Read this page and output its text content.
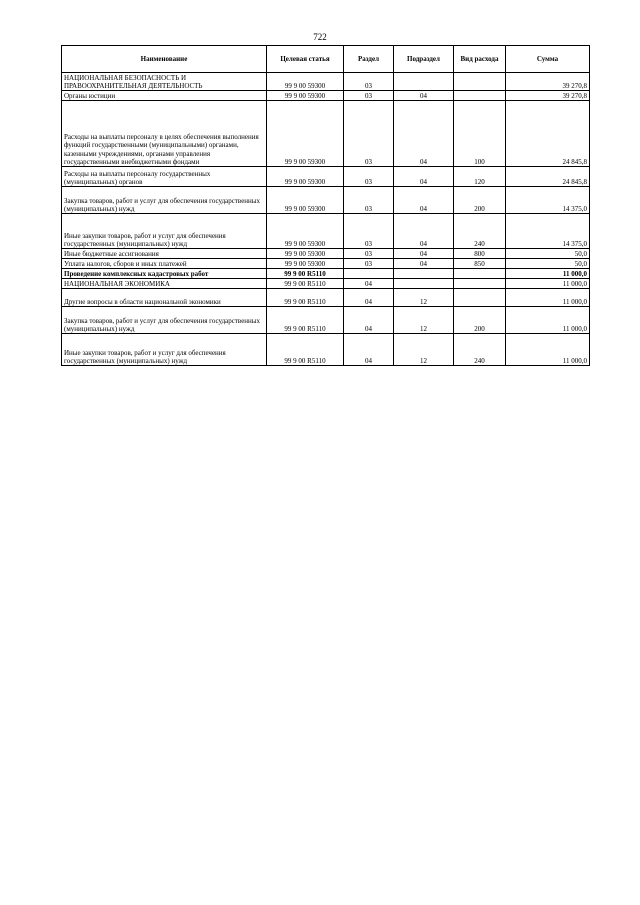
722
Наименование	Целевая статья	Раздел	Подраздел	Вид расхода	Сумма
НАЦИОНАЛЬНАЯ БЕЗОПАСНОСТЬ И ПРАВООХРАНИТЕЛЬНАЯ ДЕЯТЕЛЬНОСТЬ	99 9 00 59300	03			39 270,8
Органы юстиции	99 9 00 59300	03	04		39 270,8
Расходы на выплаты персоналу в целях обеспечения выполнения функций государственными (муниципальными) органами, казенными учреждениями, органами управления государственными внебюджетными фондами	99 9 00 59300	03	04	100	24 845,8
Расходы на выплаты персоналу государственных (муниципальных) органов	99 9 00 59300	03	04	120	24 845,8
Закупка товаров, работ и услуг для обеспечения государственных (муниципальных) нужд	99 9 00 59300	03	04	200	14 375,0
Иные закупки товаров, работ и услуг для обеспечения государственных (муниципальных) нужд	99 9 00 59300	03	04	240	14 375,0
Иные бюджетные ассигнования	99 9 00 59300	03	04	800	50,0
Уплата налогов, сборов и иных платежей	99 9 00 59300	03	04	850	50,0
Проведение комплексных кадастровых работ	99 9 00 R5110				11 000,0
НАЦИОНАЛЬНАЯ ЭКОНОМИКА	99 9 00 R5110	04			11 000,0
Другие вопросы в области национальной экономики	99 9 00 R5110	04	12		11 000,0
Закупка товаров, работ и услуг для обеспечения государственных (муниципальных) нужд	99 9 00 R5110	04	12	200	11 000,0
Иные закупки товаров, работ и услуг для обеспечения государственных (муниципальных) нужд	99 9 00 R5110	04	12	240	11 000,0
